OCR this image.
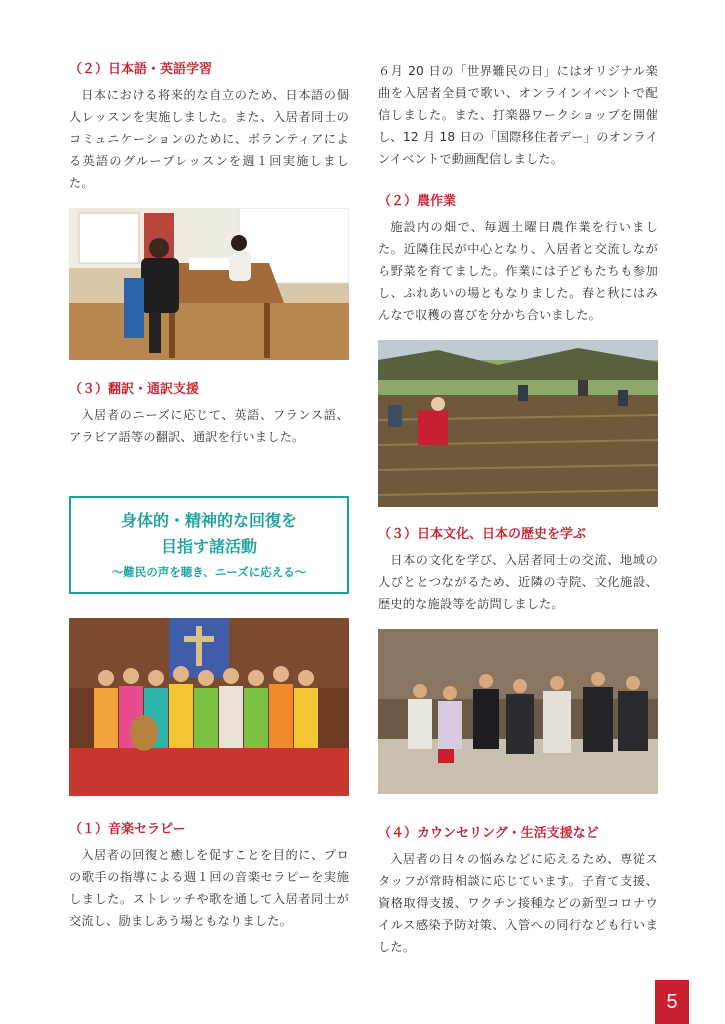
（２）日本語・英語学習

日本における将来的な自立のため、日本語の個人レッスンを実施しました。また、入居者同士のコミュニケーションのために、ボランティアによる英語のグループレッスンを週１回実施しました。

（３）翻訳・通訳支援

入居者のニーズに応じて、英語、フランス語、アラビア語等の翻訳、通訳を行いました。

身体的・精神的な回復を
目指す諸活動
～難民の声を聴き、ニーズに応える～
（１）音楽セラピー

入居者の回復と癒しを促すことを目的に、プロの歌手の指導による週１回の音楽セラピーを実施しました。ストレッチや歌を通して入居者同士が交流し、励ましあう場ともなりました。

６月 20 日の「世界難民の日」にはオリジナル楽曲を入居者全員で歌い、オンラインイベントで配信しました。また、打楽器ワークショップを開催し、12 月 18 日の「国際移住者デー」のオンラインイベントで動画配信しました。

（２）農作業

施設内の畑で、毎週土曜日農作業を行いました。近隣住民が中心となり、入居者と交流しながら野菜を育てました。作業には子どもたちも参加し、ふれあいの場ともなりました。春と秋にはみんなで収穫の喜びを分かち合いました。

（３）日本文化、日本の歴史を学ぶ

日本の文化を学び、入居者同士の交流、地域の人びととつながるため、近隣の寺院、文化施設、歴史的な施設等を訪問しました。

（４）カウンセリング・生活支援など

入居者の日々の悩みなどに応えるため、専従スタッフが常時相談に応じています。子育て支援、資格取得支援、ワクチン接種などの新型コロナウイルス感染予防対策、入管への同行なども行いました。

5
